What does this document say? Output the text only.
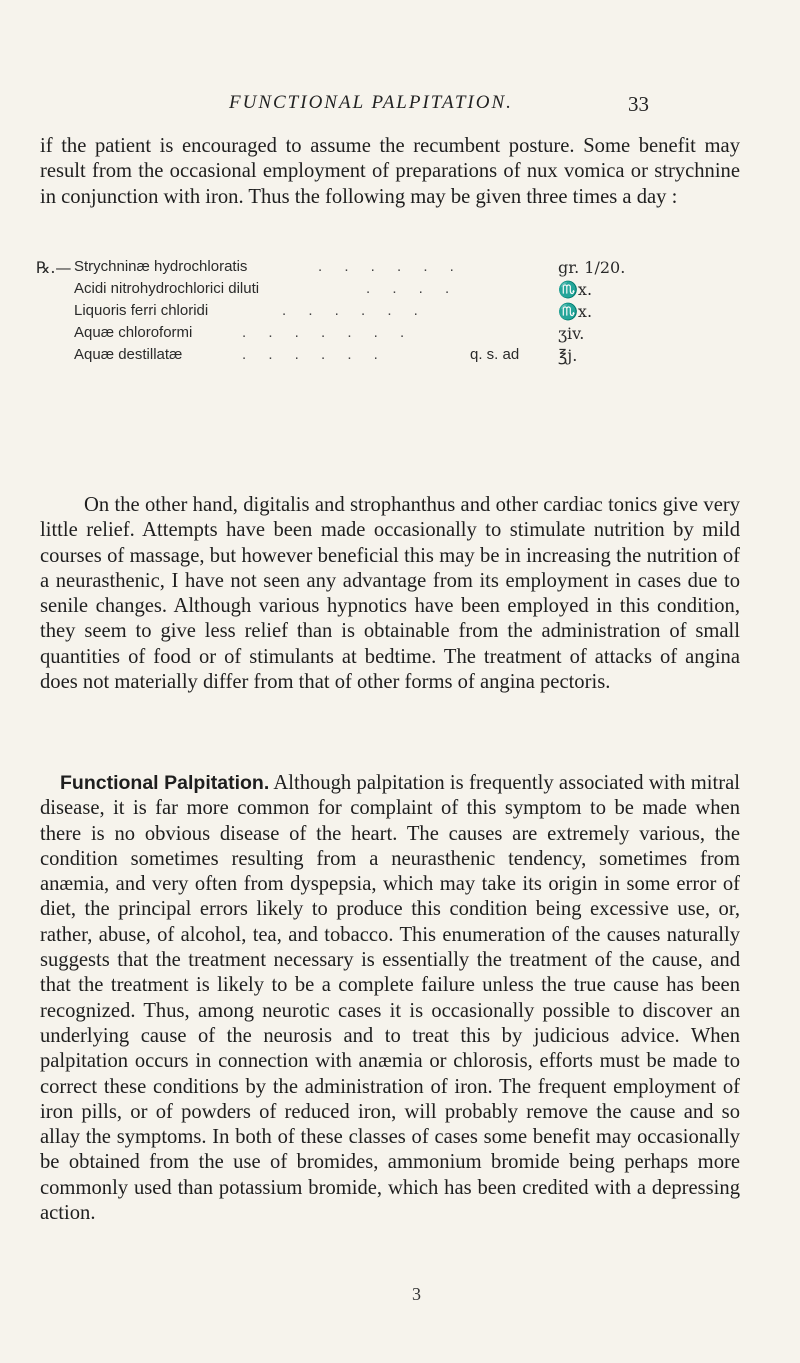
FUNCTIONAL PALPITATION.	33

if the patient is encouraged to assume the recumbent posture. Some benefit may result from the occasional employment of preparations of nux vomica or strychnine in conjunction with iron. Thus the following may be given three times a day :

℞.— Strychninæ hydrochloratis	. . . . . .	gr. 1/20.
Acidi nitrohydrochlorici diluti	. . . .	♏x.
Liquoris ferri chloridi	. . . . . .	♏x.
Aquæ chloroformi	. . . . . . .	ʒiv.
Aquæ destillatæ	. . . . . .	q. s. ad ℥j.

On the other hand, digitalis and strophanthus and other cardiac tonics give very little relief. Attempts have been made occasionally to stimulate nutrition by mild courses of massage, but however beneficial this may be in increasing the nutrition of a neurasthenic, I have not seen any advantage from its employment in cases due to senile changes. Although various hypnotics have been employed in this condition, they seem to give less relief than is obtainable from the administration of small quantities of food or of stimulants at bedtime. The treatment of attacks of angina does not materially differ from that of other forms of angina pectoris.

Functional Palpitation. Although palpitation is frequently associated with mitral disease, it is far more common for complaint of this symptom to be made when there is no obvious disease of the heart. The causes are extremely various, the condition sometimes resulting from a neurasthenic tendency, sometimes from anæmia, and very often from dyspepsia, which may take its origin in some error of diet, the principal errors likely to produce this condition being excessive use, or, rather, abuse, of alcohol, tea, and tobacco. This enumeration of the causes naturally suggests that the treatment necessary is essentially the treatment of the cause, and that the treatment is likely to be a complete failure unless the true cause has been recognized. Thus, among neurotic cases it is occasionally possible to discover an underlying cause of the neurosis and to treat this by judicious advice. When palpitation occurs in connection with anæmia or chlorosis, efforts must be made to correct these conditions by the administration of iron. The frequent employment of iron pills, or of powders of reduced iron, will probably remove the cause and so allay the symptoms. In both of these classes of cases some benefit may occasionally be obtained from the use of bromides, ammonium bromide being perhaps more commonly used than potassium bromide, which has been credited with a depressing action.

3
